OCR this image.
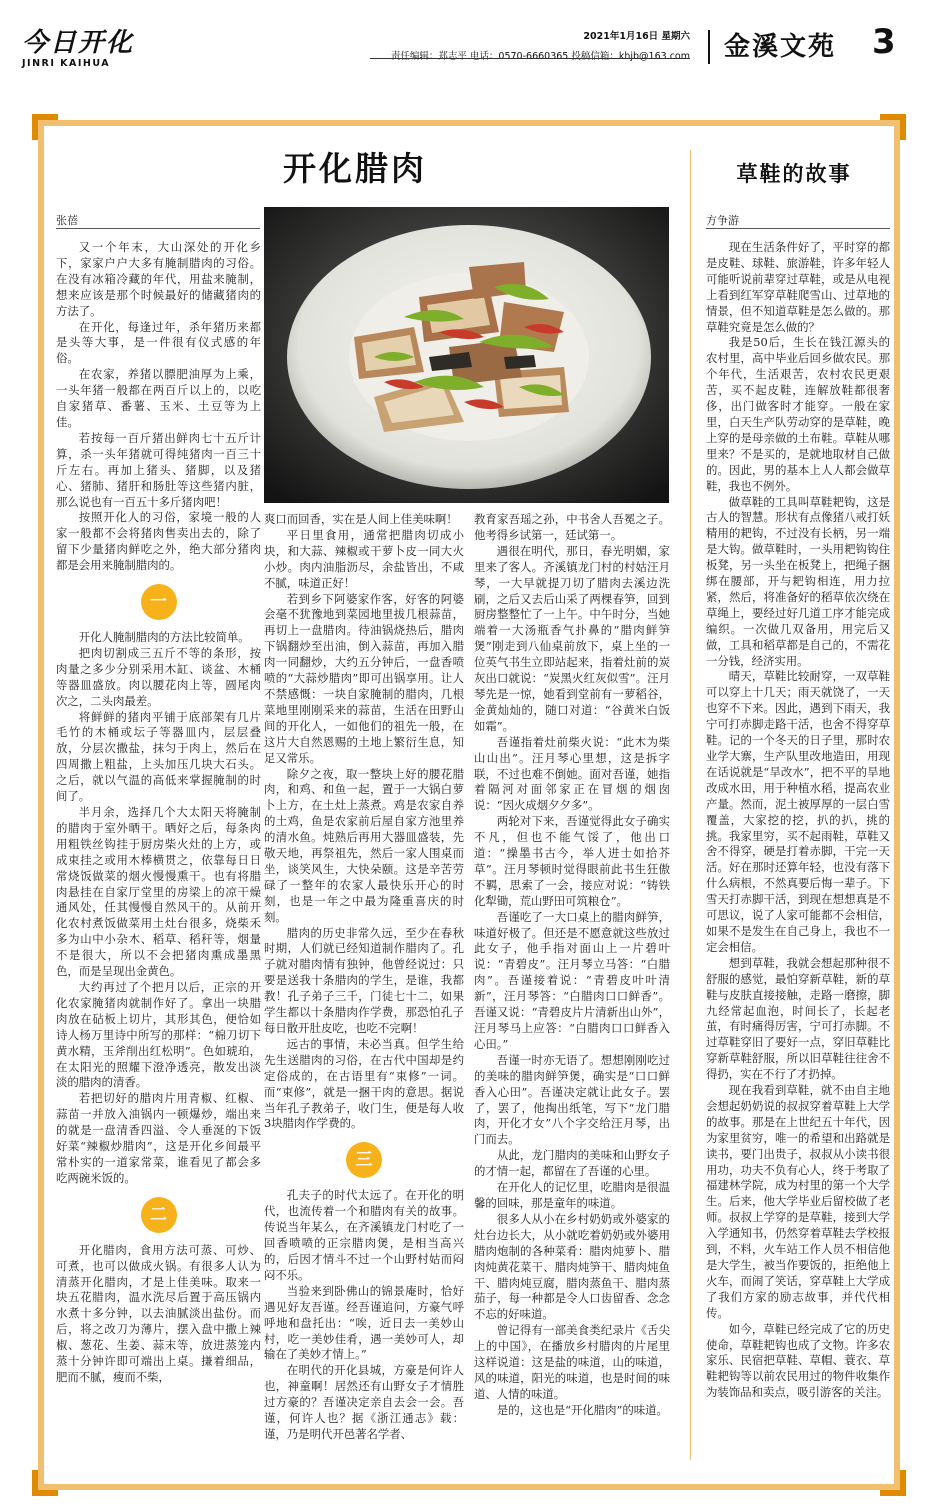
今日开化
JINRI KAIHUA
2021年1月16日 星期六
责任编辑：郑志平 电话：0570-6660365 投稿信箱：khjb@163.com 金溪文苑 3
开化腊肉
张蓓

又一个年末，大山深处的开化乡下，家家户户大多有腌制腊肉的习俗。在没有冰箱冷藏的年代，用盐来腌制，想来应该是那个时候最好的储藏猪肉的方法了。

在开化，每逢过年，杀年猪历来都是头等大事，是一件很有仪式感的年俗。

在农家，养猪以膘肥油厚为上乘，一头年猪一般都在两百斤以上的，以吃自家猪草、番薯、玉米、土豆等为上佳。

若按每一百斤猪出鲜肉七十五斤计算，杀一头年猪就可得纯猪肉一百三十斤左右。再加上猪头、猪脚，以及猪心、猪肺、猪肝和肠肚等这些猪内脏，那么说也有一百五十多斤猪肉吧！

按照开化人的习俗，家境一般的人家一般都不会将猪肉售卖出去的，除了留下少量猪肉鲜吃之外，绝大部分猪肉都是会用来腌制腊肉的。

一

开化人腌制腊肉的方法比较简单。

把肉切割成三五斤不等的条形，按肉量之多少分别采用木缸、谈盆、木桶等器皿盛放。肉以腰花肉上等，圆尾肉次之，二头肉最差。

将鲜鲜的猪肉平铺于底部架有几片毛竹的木桶或坛子等器皿内，层层叠放，分层次撒盐，抹匀于肉上，然后在四周撒上粗盐，上头加压几块大石头。之后，就以气温的高低来掌握腌制的时间了。

半月余，选择几个大太阳天将腌制的腊肉于室外晒干。晒好之后，每条肉用粗铁丝钩挂于厨房柴火灶的上方，或成束挂之或用木棒横贯之，依靠每日日常烧饭做菜的烟火慢慢熏干。也有将腊肉悬挂在自家厅堂里的房梁上的凉干燥通风处，任其慢慢自然风干的。从前开化农村煮饭做菜用土灶台很多，烧柴禾多为山中小杂木、稻草、稻秆等，烟量不是很大，所以不会把猪肉熏成墨黑色，而是呈现出金黄色。

大约再过了个把月以后，正宗的开化农家腌猪肉就制作好了。拿出一块腊肉放在砧板上切片，其形其色，便恰如诗人杨万里诗中所写的那样：“棉刀切下黄水精，玉斧削出红松明”。色如琥珀，在太阳光的照耀下澄净透亮，散发出淡淡的腊肉的清香。

若把切好的腊肉片用青椒、红椒、蒜苗一并放入油锅内一顿爆炒，端出来的就是一盘清香四溢、令人垂涎的下饭好菜“辣椒炒腊肉”，这是开化乡间最平常朴实的一道家常菜，谁看见了都会多吃两碗米饭的。

二

开化腊肉，食用方法可蒸、可炒、可煮，也可以做成火锅。有很多人认为清蒸开化腊肉，才是上佳美味。取来一块五花腊肉，温水洗尽后置于高压锅内水煮十多分钟，以去油腻淡出盐份。而后，将之改刀为薄片，摆入盘中撒上辣椒、葱花、生姜、蒜末等，放进蒸笼内蒸十分钟许即可端出上桌。搛着细品，肥而不腻，瘦而不柴，

爽口而回香，实在是人间上佳美味啊！

平日里食用，通常把腊肉切成小块，和大蒜、辣椒或干萝卜皮一同大火小炒。肉内油脂沥尽，余盐皆出，不咸不腻，味道正好！

若到乡下阿婆家作客，好客的阿婆会毫不犹豫地到菜园地里拔几根蒜苗，再切上一盘腊肉。待油锅烧热后，腊肉下锅翻炒至出油，倒入蒜苗，再加入腊肉一同翻炒，大约五分钟后，一盘香喷喷的“大蒜炒腊肉”即可出锅享用。让人不禁感慨：一块自家腌制的腊肉，几根菜地里刚刚采来的蒜苗，生活在田野山间的开化人，一如他们的祖先一般，在这片大自然恩赐的土地上繁衍生息，知足又常乐。

除夕之夜，取一整块上好的腰花腊肉，和鸡、和鱼一起，置于一大锅白萝卜上方，在土灶上蒸煮。鸡是农家自养的土鸡，鱼是农家前后屋自家方池里养的清水鱼。炖熟后再用大器皿盛装，先敬天地，再祭祖先，然后一家人围桌而坐，谈笑风生，大快朵颐。这是辛苦劳碌了一整年的农家人最快乐开心的时刻，也是一年之中最为隆重喜庆的时刻。

腊肉的历史非常久远，至少在春秋时期，人们就已经知道制作腊肉了。孔子就对腊肉情有独钟，他曾经说过：只要是送我十条腊肉的学生，是谁，我都教！孔子弟子三千，门徒七十二，如果学生都以十条腊肉作学费，那恐怕孔子每日散开肚皮吃，也吃不完啊！

远古的事情，未必当真。但学生给先生送腊肉的习俗，在古代中国却是约定俗成的，在古语里有“束修”一词。而“束修”，就是一捆干肉的意思。据说当年孔子教弟子，收门生，便是每人收3块腊肉作学费的。

三

孔夫子的时代太远了。在开化的明代，也流传着一个和腊肉有关的故事。传说当年某么，在齐溪镇龙门村吃了一回香喷喷的正宗腊肉煲，是相当高兴的，后因才情斗不过一个山野村姑而闷闷不乐。

当验来到卧佛山的锦景庵时，恰好遇见好友吾谨。经吾谨追问，方豪气呼呼地和盘托出：“唉，近日去一美妙山村，吃一美妙佳肴，遇一美妙可人，却输在了美妙才情上。”

在明代的开化县城，方豪是何许人也，神童啊！居然还有山野女子才情胜过方豪的？吾谨决定亲自去会一会。吾谨，何许人也？据《浙江通志》载：谨，乃是明代开邑著名学者、

教育家吾瑶之孙，中书舍人吾冕之子。他考得乡试第一，廷试第一。

遇很在明代，那日，春光明媚，家里来了客人。齐溪镇龙门村的村姑汪月琴，一大早就提刀切了腊肉去溪边洗刷，之后又去后山采了两棵春笋，回到厨房整整忙了一上午。中午时分，当她端着一大汤瓶香气扑鼻的“腊肉鲜笋煲”刚走到八仙桌前放下，桌上坐的一位英气书生立即站起来，指着灶前的炭灰出口就说：“炭黑火红灰似雪”。汪月琴先是一惊，她看到堂前有一萝稻谷，金黄灿灿的，随口对道：“谷黄米白饭如霜”。

吾谨指着灶前柴火说：“此木为柴山山出”。汪月琴心里想，这是拆字联，不过也难不倒她。面对吾谨，她指着隔河对面邻家正在冒烟的烟囱说：“因火成烟夕夕多”。

两轮对下来，吾谨觉得此女子确实不凡，但也不能气馁了，他出口道：“操墨书古今，举人进士如拾芥草”。汪月琴顿时觉得眼前此书生狂傲不羁，思索了一会，接应对说：“铸铁化犁锄，荒山野田可筑粮仓”。

吾谨吃了一大口桌上的腊肉鲜笋，味道好极了。但还是不愿意就这些放过此女子，他手指对面山上一片碧叶说：“青碧皮”。汪月琴立马答：“白腊肉”。吾谨接着说：“青碧皮叶叶清新”，汪月琴答：“白腊肉口口鲜香”。吾谨又说：“青碧皮片片清新出山外”，汪月琴马上应答：“白腊肉口口鲜香入心田。”

吾谨一时亦无语了。想想刚刚吃过的美味的腊肉鲜笋煲，确实是“口口鲜香入心田”。吾谨决定就让此女子。罢了，罢了，他掏出纸笔，写下“龙门腊肉，开化才女”八个字交给汪月琴，出门而去。

从此，龙门腊肉的美味和山野女子的才情一起，都留在了吾谨的心里。

在开化人的记忆里，吃腊肉是很温馨的回味，那是童年的味道。

很多人从小在乡村奶奶或外婆家的灶台边长大，从小就吃着奶奶或外婆用腊肉炮制的各种菜肴：腊肉炖萝卜、腊肉炖黄花菜干、腊肉炖笋干、腊肉炖鱼干、腊肉炖豆腐，腊肉蒸鱼干、腊肉蒸茄子，每一种都是令人口齿留香、念念不忘的好味道。

曾记得有一部美食类纪录片《舌尖上的中国》，在播放乡村腊肉的片尾里这样说道：这是盐的味道，山的味道，风的味道，阳光的味道，也是时间的味道、人情的味道。

是的，这也是“开化腊肉”的味道。

草鞋的故事
方争游

现在生活条件好了，平时穿的都是皮鞋、球鞋、旅游鞋，许多年轻人可能听说前辈穿过草鞋，或是从电视上看到红军穿草鞋爬雪山、过草地的情景，但不知道草鞋是怎么做的。那草鞋究竟是怎么做的？

我是50后，生长在钱江源头的农村里，高中毕业后回乡做农民。那个年代，生活艰苦，农村农民更艰苦，买不起皮鞋，连解放鞋都很奢侈，出门做客时才能穿。一般在家里，白天生产队劳动穿的是草鞋，晚上穿的是母亲做的土布鞋。草鞋从哪里来？不是买的，是就地取材自己做的。因此，男的基本上人人都会做草鞋，我也不例外。

做草鞋的工具叫草鞋耙钩，这是古人的智慧。形状有点像猪八戒打妖精用的耙钩，不过没有长柄，另一端是大钩。做草鞋时，一头用耙钩钩住板凳，另一头坐在板凳上，把绳子捆绑在腰部，开与耙钩相连，用力拉紧，然后，将准备好的稻草依次绕在草绳上，要经过好几道工序才能完成编织。一次做几双备用，用完后又做，工具和稻草都是自己的，不需花一分钱，经济实用。

晴天，草鞋比较耐穿，一双草鞋可以穿上十几天；雨天就饶了，一天也穿不下来。因此，遇到下雨天，我宁可打赤脚走路干活，也舍不得穿草鞋。记的一个冬天的日子里，那时农业学大寨，生产队里改地造田，用现在话说就是“旱改水”，把不平的旱地改成水田，用于种植水稻，提高农业产量。然而，泥土被厚厚的一层白雪覆盖，大家挖的挖，扒的扒，挑的挑。我家里穷，买不起雨鞋，草鞋又舍不得穿，硬是打着赤脚，干完一天活。好在那时还算年轻，也没有落下什么病根，不然真要后悔一辈子。下雪天打赤脚干活，到现在想想真是不可思议，说了人家可能都不会相信，如果不是发生在自己身上，我也不一定会相信。

想到草鞋，我就会想起那种很不舒服的感觉，最怕穿新草鞋，新的草鞋与皮肤直接接触，走路一磨擦，脚九经常起血泡，时间长了，长起老茧，有时痛得厉害，宁可打赤脚。不过草鞋穿旧了要好一点，穿旧草鞋比穿新草鞋舒服，所以旧草鞋往往舍不得扔，实在不行了才扔掉。

现在我看到草鞋，就不由自主地会想起奶奶说的叔叔穿着草鞋上大学的故事。那是在上世纪五十年代，因为家里贫穷，唯一的希望和出路就是读书，要门出贵子，叔叔从小读书很用功，功夫不负有心人，终于考取了福建林学院，成为村里的第一个大学生。后来，他大学毕业后留校做了老师。叔叔上学穿的是草鞋，接到大学入学通知书，仍然穿着草鞋去学校报到，不料，火车站工作人员不相信他是大学生，被当作要饭的，拒绝他上火车，而闹了笑话，穿草鞋上大学成了我们方家的励志故事，并代代相传。

如今，草鞋已经完成了它的历史使命，草鞋耙钩也成了文物。许多农家乐、民宿把草鞋、草帽、蓑衣、草鞋耙钩等以前农民用过的物件收集作为装饰品和卖点，吸引游客的关注。
